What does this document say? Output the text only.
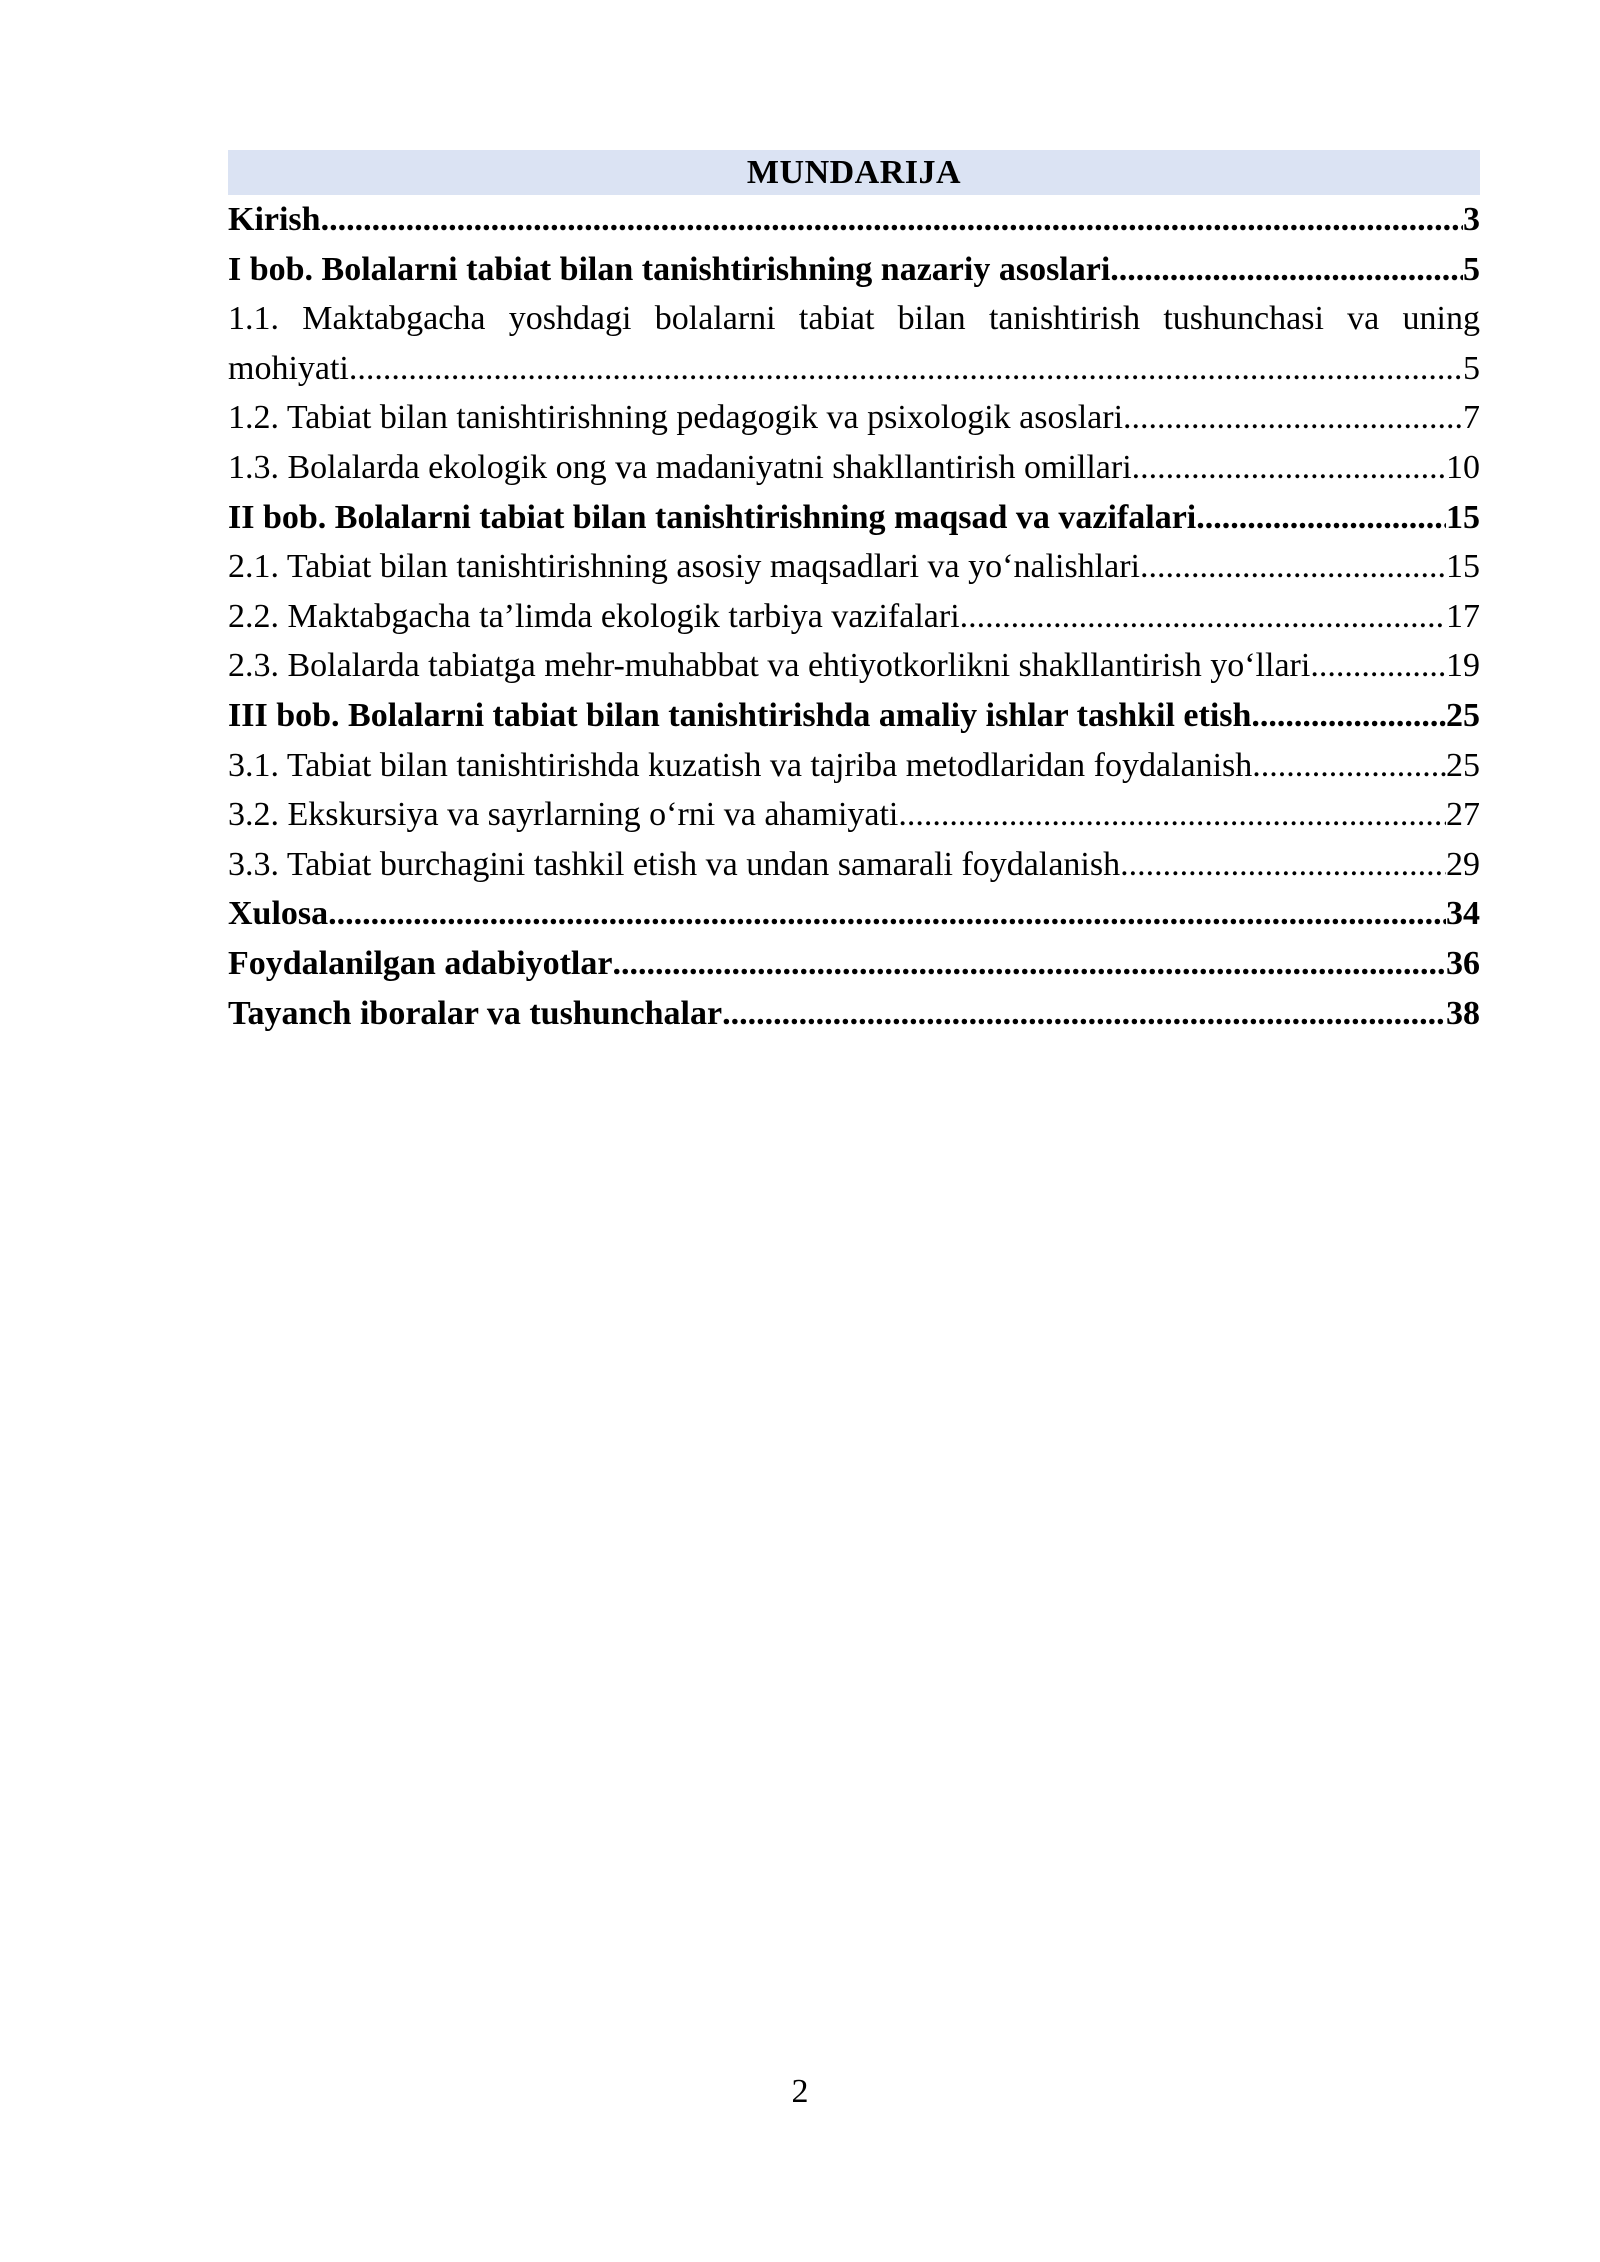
MUNDARIJA
Kirish .....	3
I bob. Bolalarni tabiat bilan tanishtirishning nazariy asoslari .....	5
1.1. Maktabgacha yoshdagi bolalarni tabiat bilan tanishtirish tushunchasi va uning
mohiyati .....	5
1.2. Tabiat bilan tanishtirishning pedagogik va psixologik asoslari .....	7
1.3. Bolalarda ekologik ong va madaniyatni shakllantirish omillari .....	10
II bob. Bolalarni tabiat bilan tanishtirishning maqsad va vazifalari .....	15
2.1. Tabiat bilan tanishtirishning asosiy maqsadlari va yo‘nalishlari .....	15
2.2. Maktabgacha ta’limda ekologik tarbiya vazifalari .....	17
2.3. Bolalarda tabiatga mehr-muhabbat va ehtiyotkorlikni shakllantirish yo‘llari .....	19
III bob. Bolalarni tabiat bilan tanishtirishda amaliy ishlar tashkil etish .....	25
3.1. Tabiat bilan tanishtirishda kuzatish va tajriba metodlaridan foydalanish .....	25
3.2. Ekskursiya va sayrlarning o‘rni va ahamiyati .....	27
3.3. Tabiat burchagini tashkil etish va undan samarali foydalanish .....	29
Xulosa .....	34
Foydalanilgan adabiyotlar .....	36
Tayanch iboralar va tushunchalar .....	38
2
